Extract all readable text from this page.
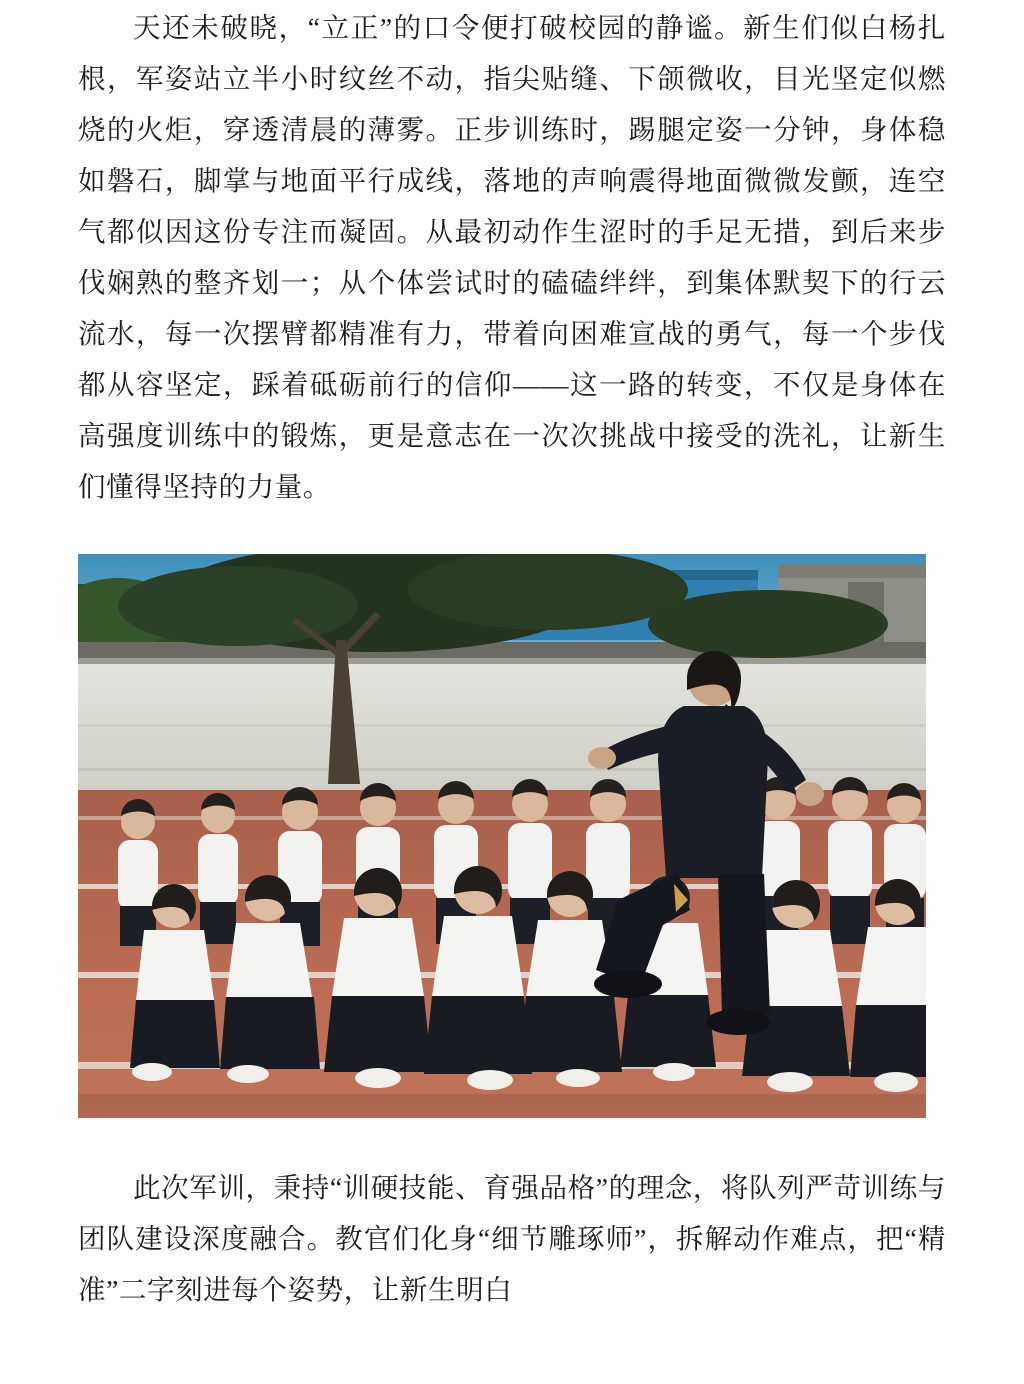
天还未破晓，“立正”的口令便打破校园的静谧。新生们似白杨扎根，军姿站立半小时纹丝不动，指尖贴缝、下颌微收，目光坚定似燃烧的火炬，穿透清晨的薄雾。正步训练时，踢腿定姿一分钟，身体稳如磐石，脚掌与地面平行成线，落地的声响震得地面微微发颤，连空气都似因这份专注而凝固。从最初动作生涩时的手足无措，到后来步伐娴熟的整齐划一；从个体尝试时的磕磕绊绊，到集体默契下的行云流水，每一次摆臂都精准有力，带着向困难宣战的勇气，每一个步伐都从容坚定，踩着砥砺前行的信仰——这一路的转变，不仅是身体在高强度训练中的锻炼，更是意志在一次次挑战中接受的洗礼，让新生们懂得坚持的力量。

此次军训，秉持“训硬技能、育强品格”的理念，将队列严苛训练与团队建设深度融合。教官们化身“细节雕琢师”，拆解动作难点，把“精准”二字刻进每个姿势，让新生明白
